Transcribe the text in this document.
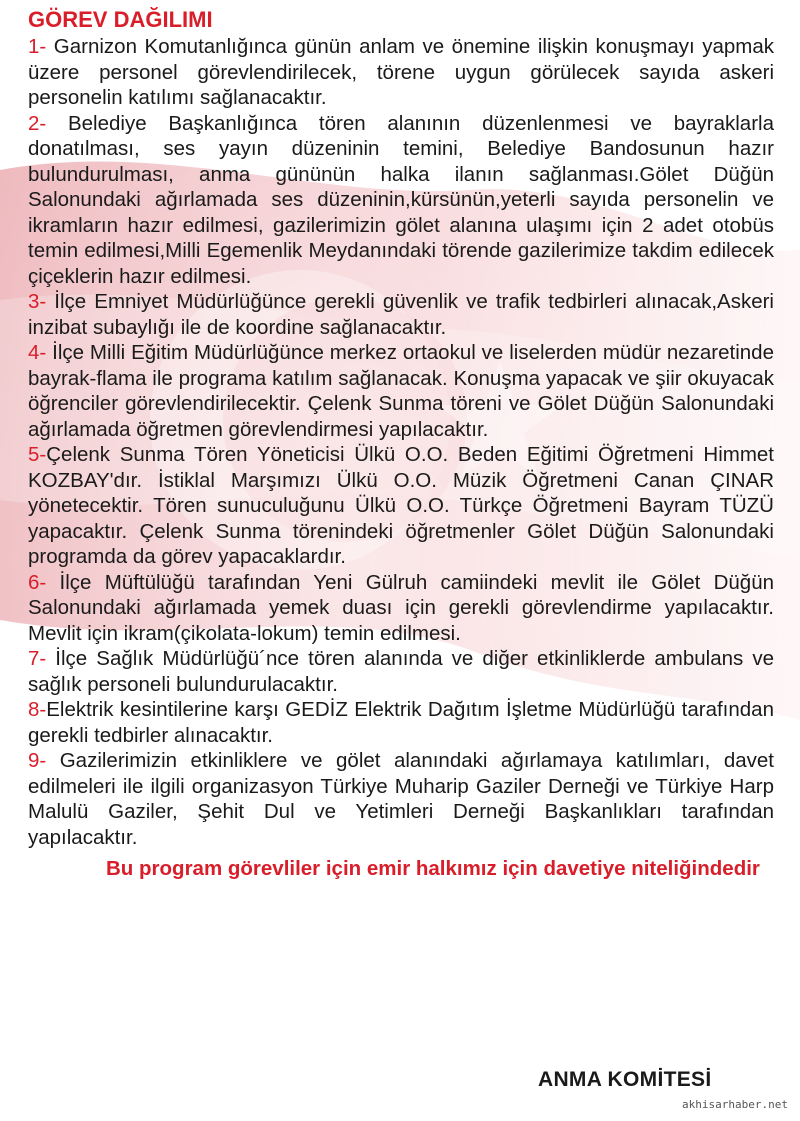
GÖREV DAĞILIMI

1- Garnizon Komutanlığınca günün anlam ve önemine ilişkin konuşmayı yapmak üzere personel görevlendirilecek, törene uygun görülecek sayıda askeri personelin katılımı sağlanacaktır.

2- Belediye Başkanlığınca tören alanının düzenlenmesi ve bayraklarla donatılması, ses yayın düzeninin temini, Belediye Bandosunun hazır bulundurulması, anma gününün halka ilanın sağlanması.Gölet Düğün Salonundaki ağırlamada ses düzeninin,kürsünün,yeterli sayıda personelin ve ikramların hazır edilmesi, gazilerimizin gölet alanına ulaşımı için 2 adet otobüs temin edilmesi,Milli Egemenlik Meydanındaki törende gazilerimize takdim edilecek çiçeklerin hazır edilmesi.

3- İlçe Emniyet Müdürlüğünce gerekli güvenlik ve trafik tedbirleri alınacak,Askeri inzibat subaylığı ile de koordine sağlanacaktır.

4- İlçe Milli Eğitim Müdürlüğünce merkez ortaokul ve liselerden müdür nezaretinde bayrak-flama ile programa katılım sağlanacak. Konuşma yapacak ve şiir okuyacak öğrenciler görevlendirilecektir. Çelenk Sunma töreni ve Gölet Düğün Salonundaki ağırlamada öğretmen görevlendirmesi yapılacaktır.

5-Çelenk Sunma Tören Yöneticisi Ülkü O.O. Beden Eğitimi Öğretmeni Himmet KOZBAY'dır. İstiklal Marşımızı Ülkü O.O. Müzik Öğretmeni Canan ÇINAR yönetecektir. Tören sunuculuğunu Ülkü O.O. Türkçe Öğretmeni Bayram TÜZÜ yapacaktır. Çelenk Sunma törenindeki öğretmenler Gölet Düğün Salonundaki programda da görev yapacaklardır.

6- İlçe Müftülüğü tarafından Yeni Gülruh camiindeki mevlit ile Gölet Düğün Salonundaki ağırlamada yemek duası için gerekli görevlendirme yapılacaktır. Mevlit için ikram(çikolata-lokum) temin edilmesi.

7- İlçe Sağlık Müdürlüğü´nce tören alanında ve diğer etkinliklerde ambulans ve sağlık personeli bulundurulacaktır.

8-Elektrik kesintilerine karşı GEDİZ Elektrik Dağıtım İşletme Müdürlüğü tarafından gerekli tedbirler alınacaktır.

9- Gazilerimizin etkinliklere ve gölet alanındaki ağırlamaya katılımları, davet edilmeleri ile ilgili organizasyon Türkiye Muharip Gaziler Derneği ve Türkiye Harp Malulü Gaziler, Şehit Dul ve Yetimleri Derneği Başkanlıkları tarafından yapılacaktır.

Bu program görevliler için emir halkımız için davetiye niteliğindedir

ANMA KOMİTESİ
akhisarhaber.net
